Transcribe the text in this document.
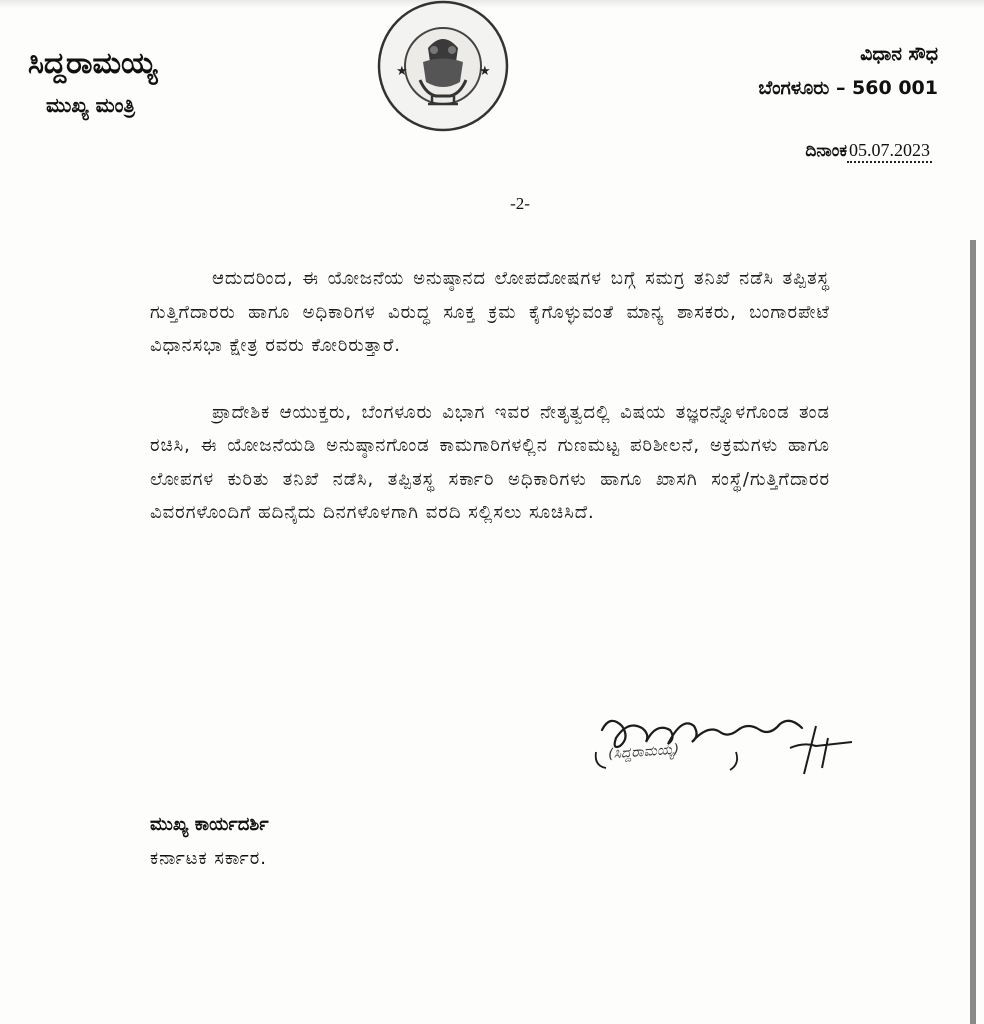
ಸಿದ್ದರಾಮಯ್ಯ
ಮುಖ್ಯ ಮಂತ್ರಿ
★	★
ವಿಧಾನ ಸೌಧ
ಬೆಂಗಳೂರು – 560 001
ದಿನಾಂಕ 05.07.2023
-2-

ಆದುದರಿಂದ, ಈ ಯೋಜನೆಯ ಅನುಷ್ಠಾನದ ಲೋಪದೋಷಗಳ ಬಗ್ಗೆ ಸಮಗ್ರ ತನಿಖೆ ನಡೆಸಿ ತಪ್ಪಿತಸ್ಥ ಗುತ್ತಿಗೆದಾರರು ಹಾಗೂ ಅಧಿಕಾರಿಗಳ ವಿರುದ್ಧ ಸೂಕ್ತ ಕ್ರಮ ಕೈಗೊಳ್ಳುವಂತೆ ಮಾನ್ಯ ಶಾಸಕರು, ಬಂಗಾರಪೇಟೆ ವಿಧಾನಸಭಾ ಕ್ಷೇತ್ರ ರವರು ಕೋರಿರುತ್ತಾರೆ.

ಪ್ರಾದೇಶಿಕ ಆಯುಕ್ತರು, ಬೆಂಗಳೂರು ವಿಭಾಗ ಇವರ ನೇತೃತ್ವದಲ್ಲಿ ವಿಷಯ ತಜ್ಞರನ್ನೊಳಗೊಂಡ ತಂಡ ರಚಿಸಿ, ಈ ಯೋಜನೆಯಡಿ ಅನುಷ್ಠಾನಗೊಂಡ ಕಾಮಗಾರಿಗಳಲ್ಲಿನ ಗುಣಮಟ್ಟ ಪರಿಶೀಲನೆ, ಅಕ್ರಮಗಳು ಹಾಗೂ ಲೋಪಗಳ ಕುರಿತು ತನಿಖೆ ನಡೆಸಿ, ತಪ್ಪಿತಸ್ಥ ಸರ್ಕಾರಿ ಅಧಿಕಾರಿಗಳು ಹಾಗೂ ಖಾಸಗಿ ಸಂಸ್ಥೆ/ಗುತ್ತಿಗೆದಾರರ ವಿವರಗಳೊಂದಿಗೆ ಹದಿನೈದು ದಿನಗಳೊಳಗಾಗಿ ವರದಿ ಸಲ್ಲಿಸಲು ಸೂಚಿಸಿದೆ.

(ಸಿದ್ದರಾಮಯ್ಯ)
ಮುಖ್ಯ ಕಾರ್ಯದರ್ಶಿ
ಕರ್ನಾಟಕ ಸರ್ಕಾರ.
